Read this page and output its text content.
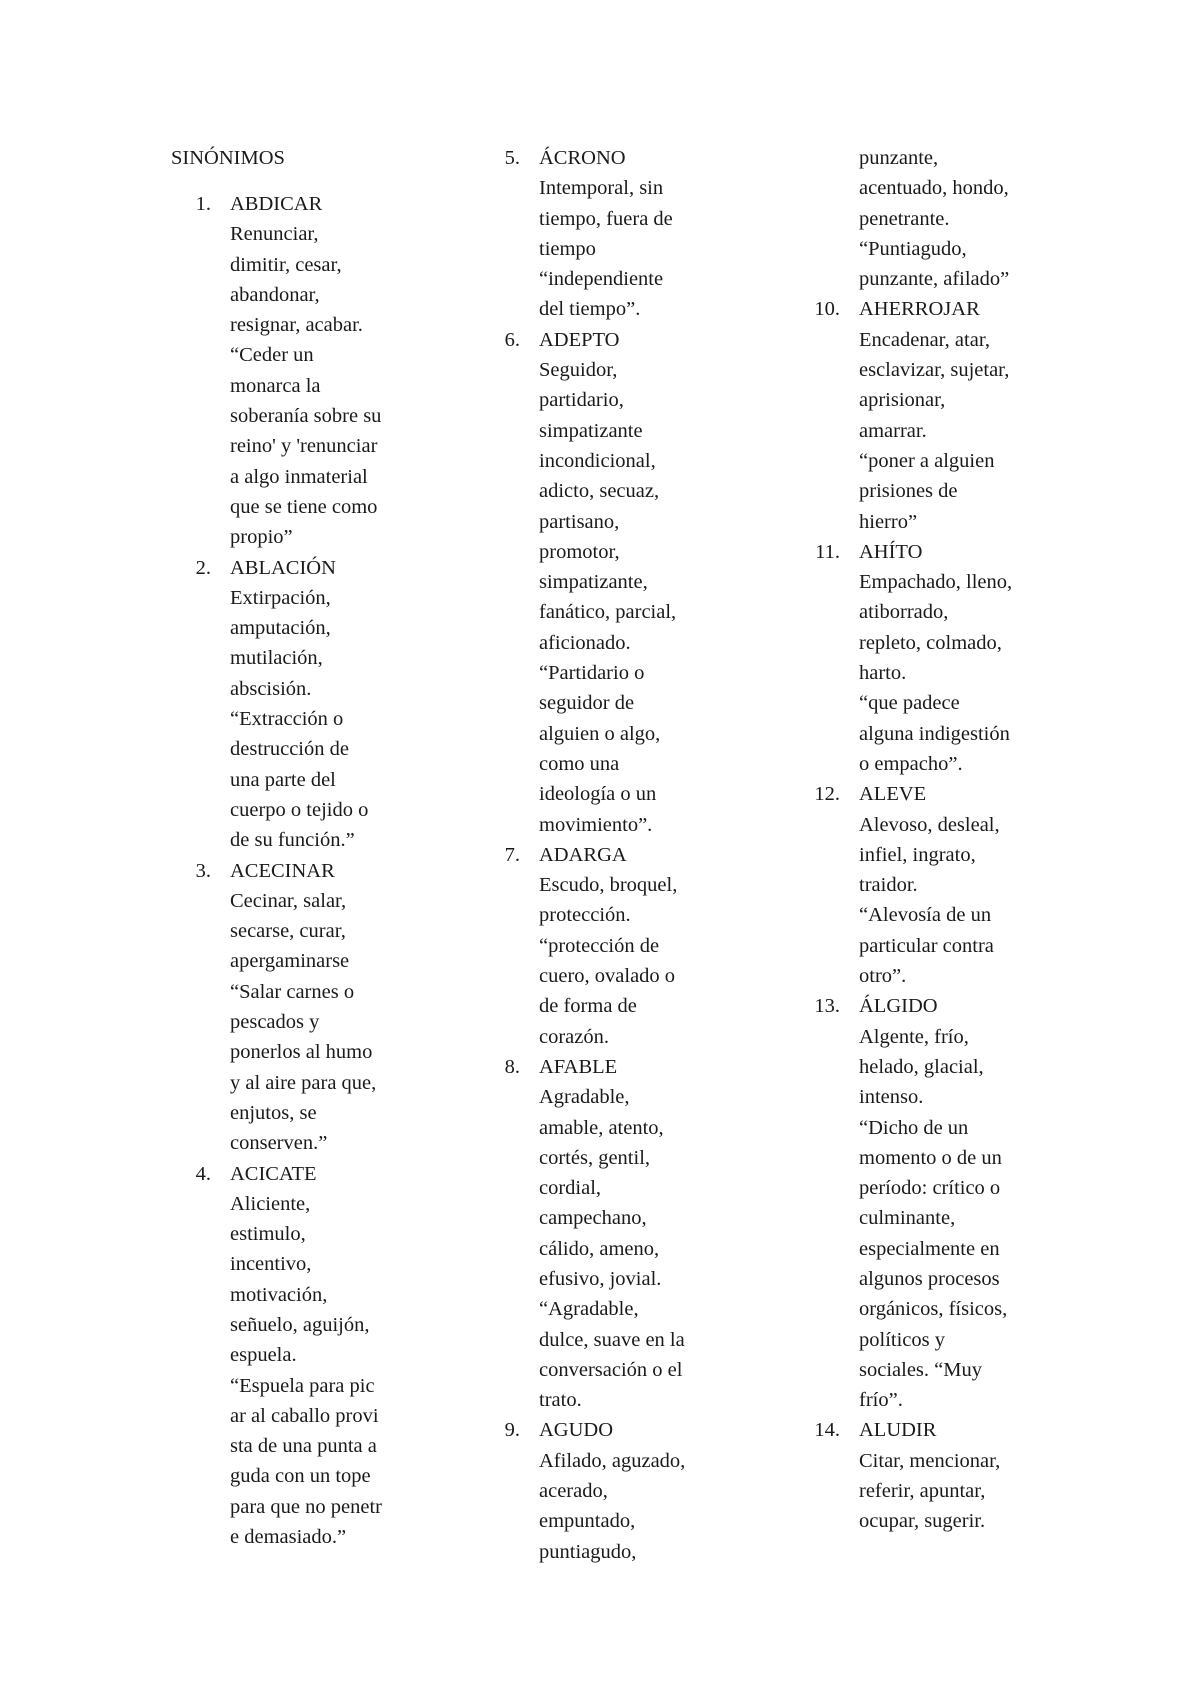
SINÓNIMOS
1. ABDICAR
Renunciar,
dimitir, cesar,
abandonar,
resignar, acabar.
“Ceder un
monarca la
soberanía sobre su
reino' y 'renunciar
a algo inmaterial
que se tiene como
propio”
2. ABLACIÓN
Extirpación,
amputación,
mutilación,
abscisión.
“Extracción o
destrucción de
una parte del
cuerpo o tejido o
de su función.”
3. ACECINAR
Cecinar, salar,
secarse, curar,
apergaminarse
“Salar carnes o
pescados y
ponerlos al humo
y al aire para que,
enjutos, se
conserven.”
4. ACICATE
Aliciente,
estimulo,
incentivo,
motivación,
señuelo, aguijón,
espuela.
“Espuela para pic
ar al caballo provi
sta de una punta a
guda con un tope
para que no penetr
e demasiado.”
5. ÁCRONO
Intemporal, sin
tiempo, fuera de
tiempo
“independiente
del tiempo”.
6. ADEPTO
Seguidor,
partidario,
simpatizante
incondicional,
adicto, secuaz,
partisano,
promotor,
simpatizante,
fanático, parcial,
aficionado.
“Partidario o
seguidor de
alguien o algo,
como una
ideología o un
movimiento”.
7. ADARGA
Escudo, broquel,
protección.
“protección de
cuero, ovalado o
de forma de
corazón.
8. AFABLE
Agradable,
amable, atento,
cortés, gentil,
cordial,
campechano,
cálido, ameno,
efusivo, jovial.
“Agradable,
dulce, suave en la
conversación o el
trato.
9. AGUDO
Afilado, aguzado,
acerado,
empuntado,
puntiagudo,
punzante,
acentuado, hondo,
penetrante.
“Puntiagudo,
punzante, afilado”
10. AHERROJAR
Encadenar, atar,
esclavizar, sujetar,
aprisionar,
amarrar.
“poner a alguien
prisiones de
hierro”
11. AHÍTO
Empachado, lleno,
atiborrado,
repleto, colmado,
harto.
“que padece
alguna indigestión
o empacho”.
12. ALEVE
Alevoso, desleal,
infiel, ingrato,
traidor.
“Alevosía de un
particular contra
otro”.
13. ÁLGIDO
Algente, frío,
helado, glacial,
intenso.
“Dicho de un
momento o de un
período: crítico o
culminante,
especialmente en
algunos procesos
orgánicos, físicos,
políticos y
sociales. “Muy
frío”.
14. ALUDIR
Citar, mencionar,
referir, apuntar,
ocupar, sugerir.
